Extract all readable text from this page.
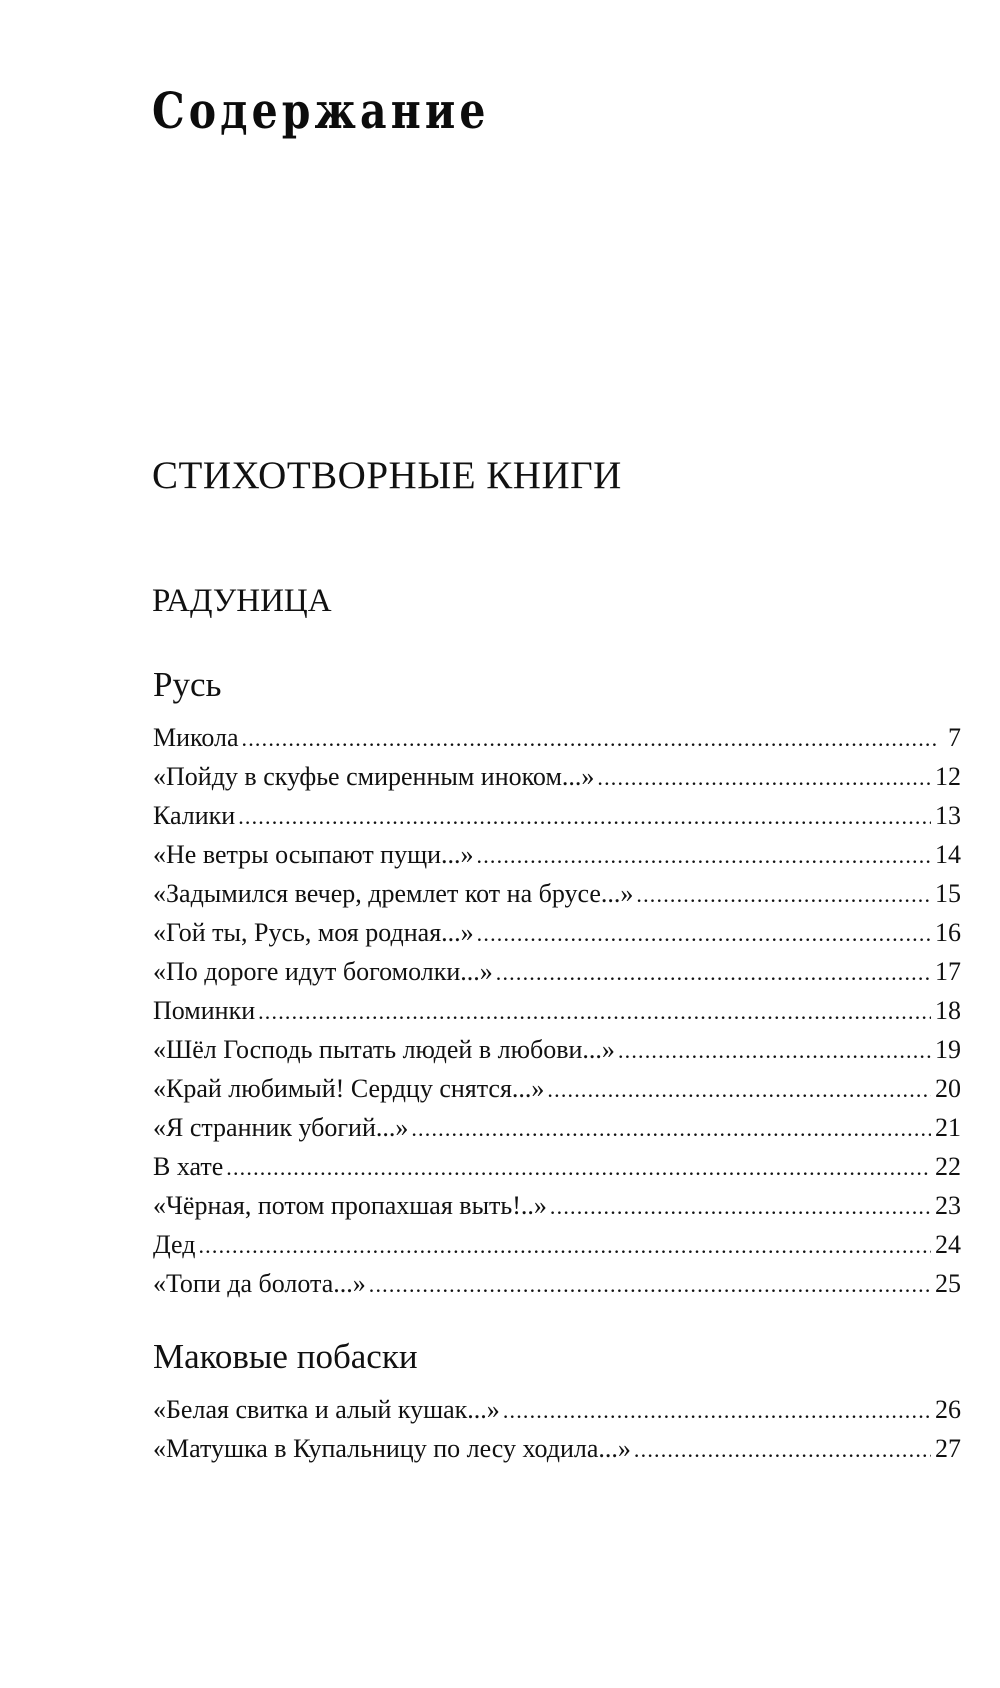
Содержание
СТИХОТВОРНЫЕ КНИГИ
РАДУНИЦА
Русь
Микола .....	7
«Пойду в скуфье смиренным иноком...» .....	12
Калики .....	13
«Не ветры осыпают пущи...» .....	14
«Задымился вечер, дремлет кот на брусе...» .....	15
«Гой ты, Русь, моя родная...» .....	16
«По дороге идут богомолки...» .....	17
Поминки .....	18
«Шёл Господь пытать людей в любови...» .....	19
«Край любимый! Сердцу снятся...» .....	20
«Я странник убогий...» .....	21
В хате .....	22
«Чёрная, потом пропахшая выть!..» .....	23
Дед .....	24
«Топи да болота...» .....	25
Маковые побаски
«Белая свитка и алый кушак...» .....	26
«Матушка в Купальницу по лесу ходила...» .....	27
